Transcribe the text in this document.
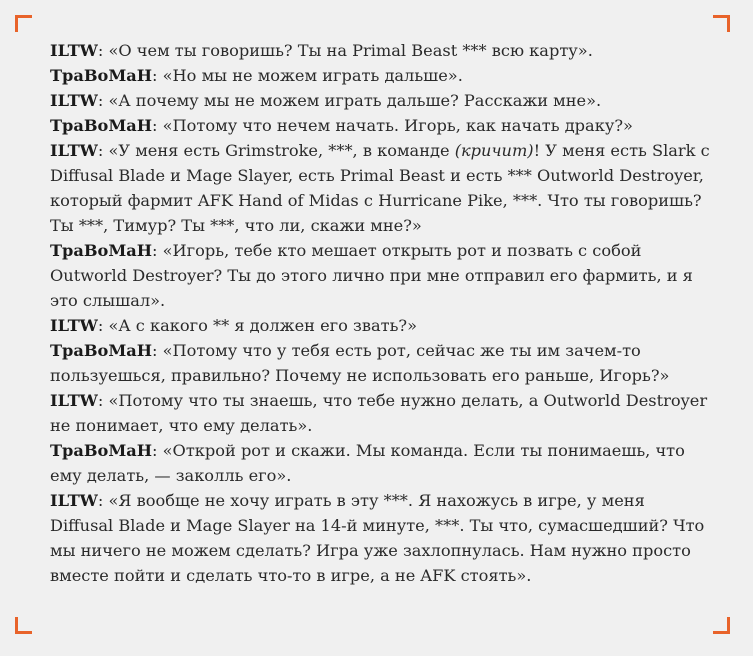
ILTW: «О чем ты говоришь? Ты на Primal Beast *** всю карту».

ТраВоМаН: «Но мы не можем играть дальше».

ILTW: «А почему мы не можем играть дальше? Расскажи мне».

ТраВоМаН: «Потому что нечем начать. Игорь, как начать драку?»

ILTW: «У меня есть Grimstroke, ***, в команде (кричит)! У меня есть Slark с Diffusal Blade и Mage Slayer, есть Primal Beast и есть *** Outworld Destroyer, который фармит AFK Hand of Midas с Hurricane Pike, ***. Что ты говоришь? Ты ***, Тимур? Ты ***, что ли, скажи мне?»

ТраВоМаН: «Игорь, тебе кто мешает открыть рот и позвать с собой Outworld Destroyer? Ты до этого лично при мне отправил его фармить, и я это слышал».

ILTW: «А с какого ** я должен его звать?»

ТраВоМаН: «Потому что у тебя есть рот, сейчас же ты им зачем-то пользуешься, правильно? Почему не использовать его раньше, Игорь?»

ILTW: «Потому что ты знаешь, что тебе нужно делать, а Outworld Destroyer не понимает, что ему делать».

ТраВоМаН: «Открой рот и скажи. Мы команда. Если ты понимаешь, что ему делать, — заколль его».

ILTW: «Я вообще не хочу играть в эту ***. Я нахожусь в игре, у меня Diffusal Blade и Mage Slayer на 14-й минуте, ***. Ты что, сумасшедший? Что мы ничего не можем сделать? Игра уже захлопнулась. Нам нужно просто вместе пойти и сделать что-то в игре, а не AFK стоять».
